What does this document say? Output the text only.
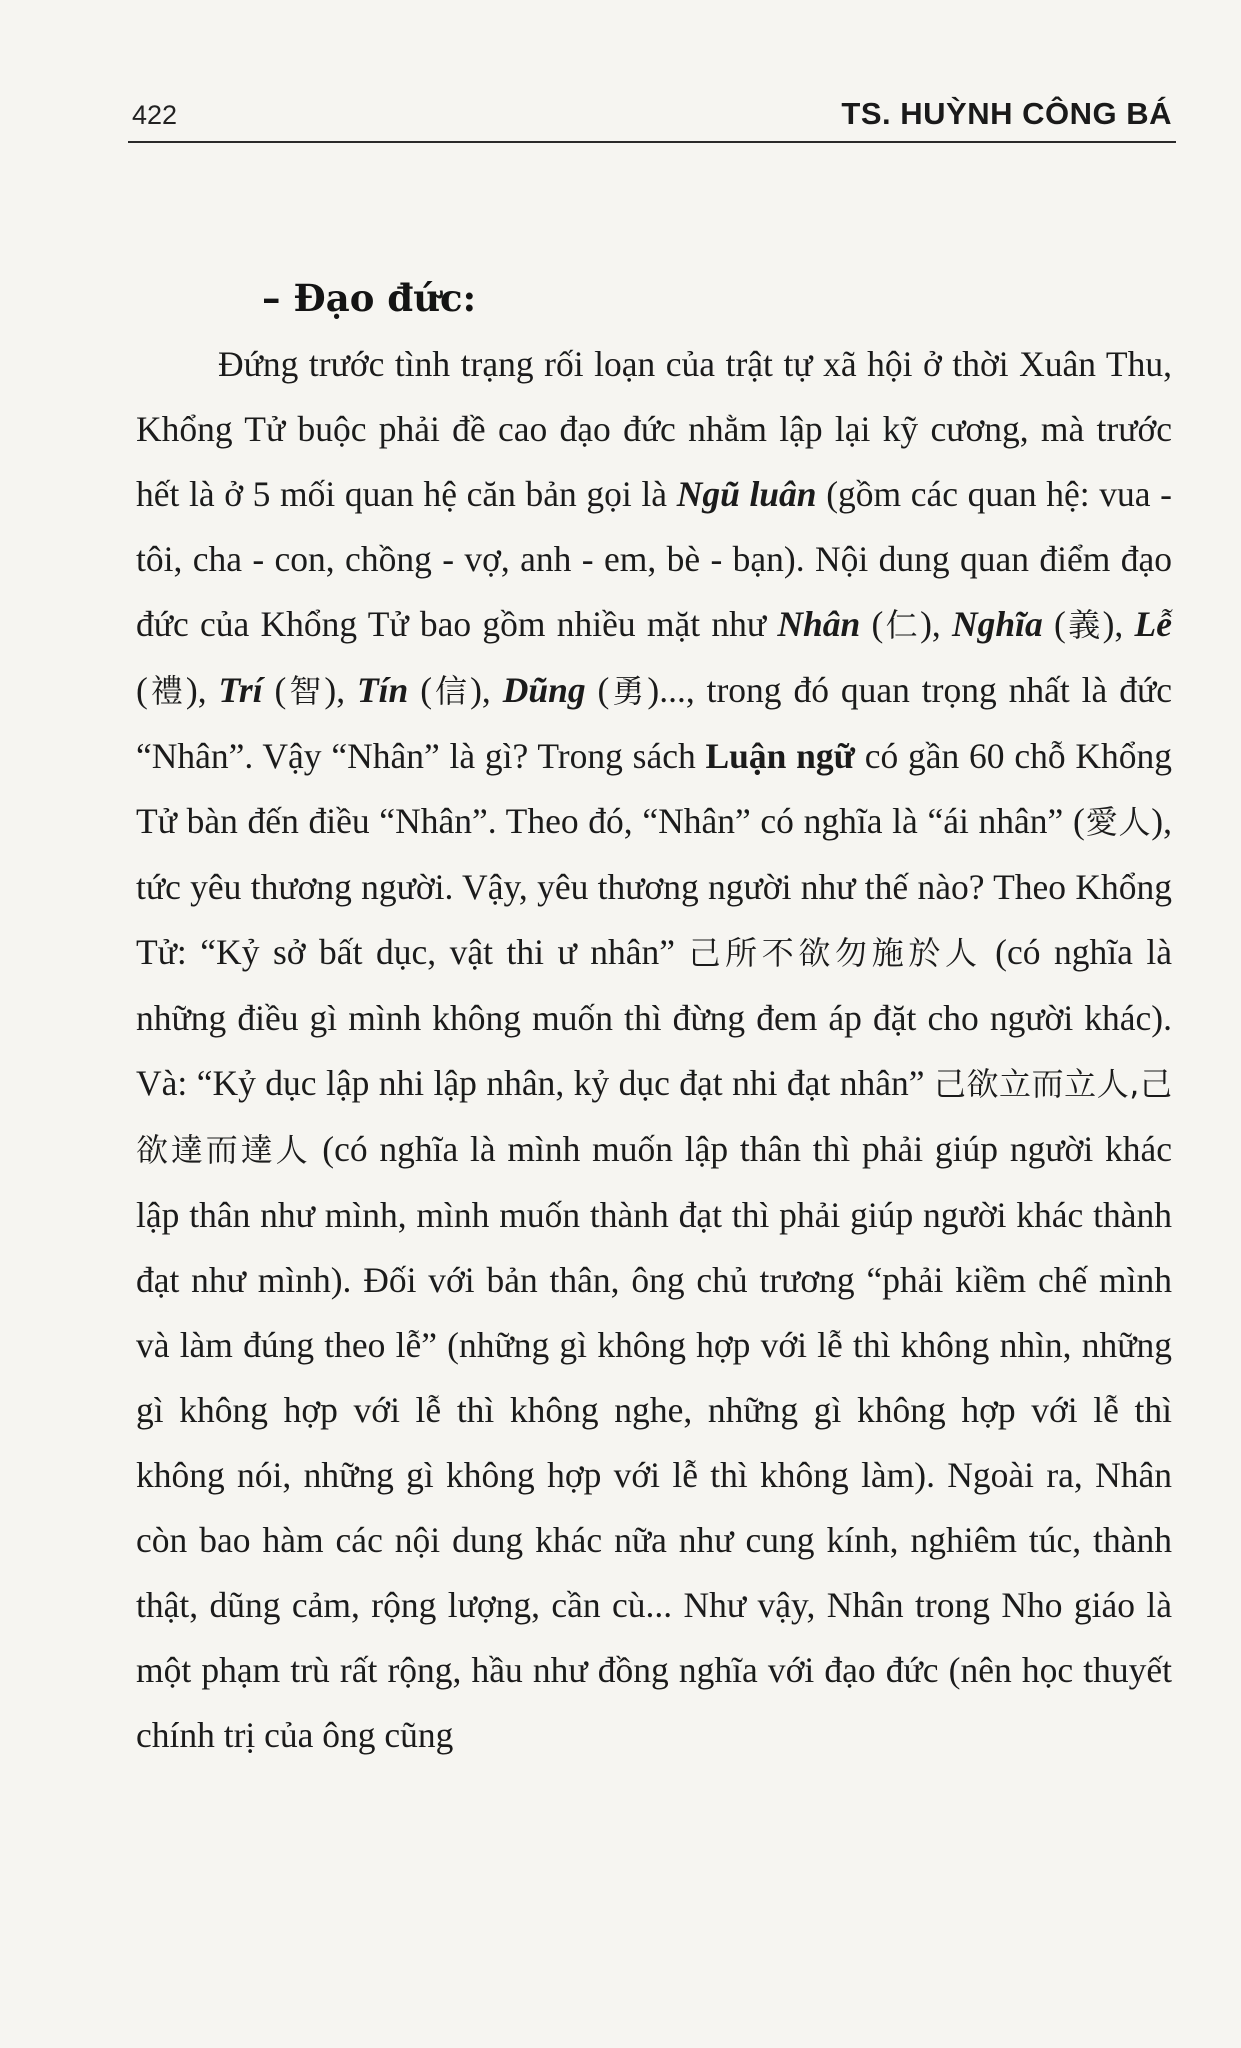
422	TS. HUỲNH CÔNG BÁ
– Đạo đức:

Đứng trước tình trạng rối loạn của trật tự xã hội ở thời Xuân Thu, Khổng Tử buộc phải đề cao đạo đức nhằm lập lại kỹ cương, mà trước hết là ở 5 mối quan hệ căn bản gọi là Ngũ luân (gồm các quan hệ: vua - tôi, cha - con, chồng - vợ, anh - em, bè - bạn). Nội dung quan điểm đạo đức của Khổng Tử bao gồm nhiều mặt như Nhân (仁), Nghĩa (義), Lễ (禮), Trí (智), Tín (信), Dũng (勇)..., trong đó quan trọng nhất là đức “Nhân”. Vậy “Nhân” là gì? Trong sách Luận ngữ có gần 60 chỗ Khổng Tử bàn đến điều “Nhân”. Theo đó, “Nhân” có nghĩa là “ái nhân” (愛人), tức yêu thương người. Vậy, yêu thương người như thế nào? Theo Khổng Tử: “Kỷ sở bất dục, vật thi ư nhân” 己所不欲勿施於人 (có nghĩa là những điều gì mình không muốn thì đừng đem áp đặt cho người khác). Và: “Kỷ dục lập nhi lập nhân, kỷ dục đạt nhi đạt nhân” 己欲立而立人,己欲達而達人 (có nghĩa là mình muốn lập thân thì phải giúp người khác lập thân như mình, mình muốn thành đạt thì phải giúp người khác thành đạt như mình). Đối với bản thân, ông chủ trương “phải kiềm chế mình và làm đúng theo lễ” (những gì không hợp với lễ thì không nhìn, những gì không hợp với lễ thì không nghe, những gì không hợp với lễ thì không nói, những gì không hợp với lễ thì không làm). Ngoài ra, Nhân còn bao hàm các nội dung khác nữa như cung kính, nghiêm túc, thành thật, dũng cảm, rộng lượng, cần cù... Như vậy, Nhân trong Nho giáo là một phạm trù rất rộng, hầu như đồng nghĩa với đạo đức (nên học thuyết chính trị của ông cũng
